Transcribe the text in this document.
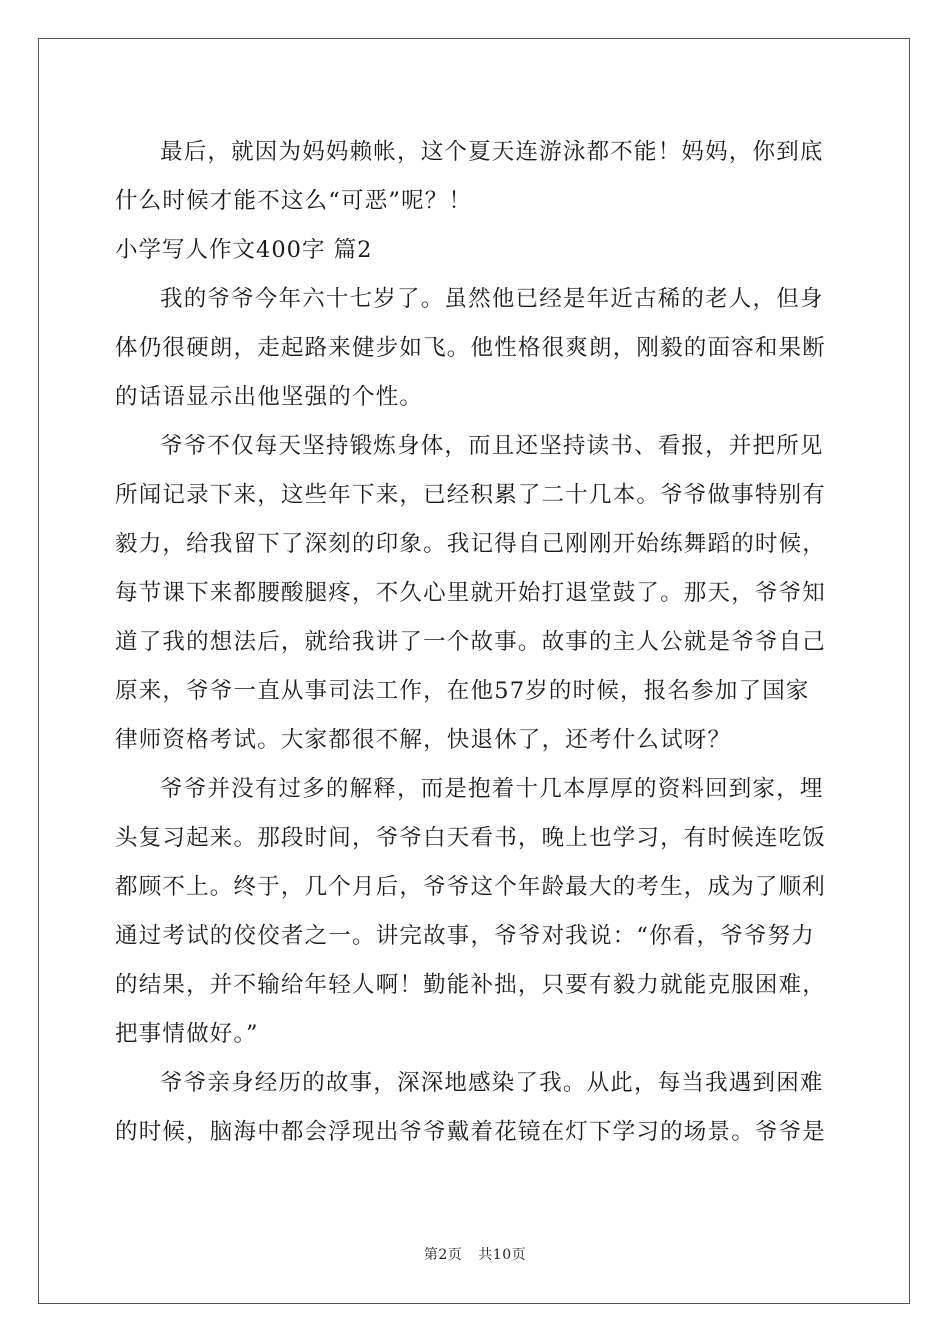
最后，就因为妈妈赖帐，这个夏天连游泳都不能！妈妈，你到底
什么时候才能不这么“可恶”呢？！

小学写人作文400字 篇2

我的爷爷今年六十七岁了。虽然他已经是年近古稀的老人，但身
体仍很硬朗，走起路来健步如飞。他性格很爽朗，刚毅的面容和果断
的话语显示出他坚强的个性。

爷爷不仅每天坚持锻炼身体，而且还坚持读书、看报，并把所见
所闻记录下来，这些年下来，已经积累了二十几本。爷爷做事特别有
毅力，给我留下了深刻的印象。我记得自己刚刚开始练舞蹈的时候，
每节课下来都腰酸腿疼，不久心里就开始打退堂鼓了。那天，爷爷知
道了我的想法后，就给我讲了一个故事。故事的主人公就是爷爷自己
原来，爷爷一直从事司法工作，在他57岁的时候，报名参加了国家
律师资格考试。大家都很不解，快退休了，还考什么试呀？

爷爷并没有过多的解释，而是抱着十几本厚厚的资料回到家，埋
头复习起来。那段时间，爷爷白天看书，晚上也学习，有时候连吃饭
都顾不上。终于，几个月后，爷爷这个年龄最大的考生，成为了顺利
通过考试的佼佼者之一。讲完故事，爷爷对我说：“你看，爷爷努力
的结果，并不输给年轻人啊！勤能补拙，只要有毅力就能克服困难，
把事情做好。”

爷爷亲身经历的故事，深深地感染了我。从此，每当我遇到困难
的时候，脑海中都会浮现出爷爷戴着花镜在灯下学习的场景。爷爷是

第2页 共10页
